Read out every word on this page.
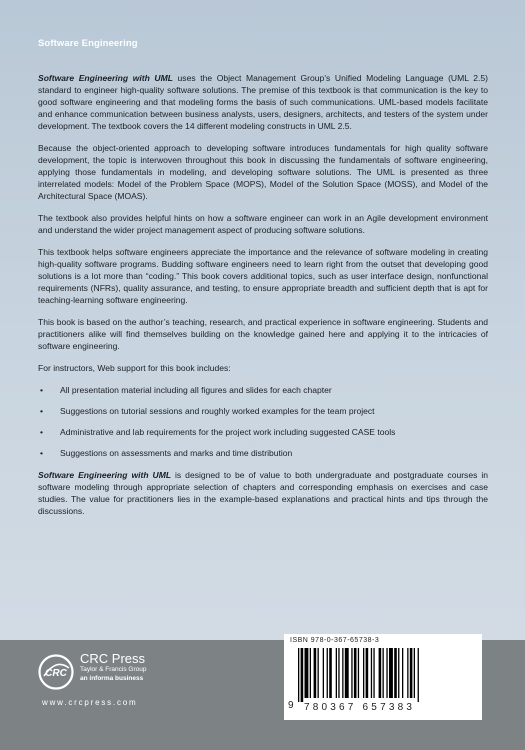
Software Engineering

Software Engineering with UML uses the Object Management Group’s Unified Modeling Language (UML 2.5) standard to engineer high-quality software solutions. The premise of this textbook is that communication is the key to good software engineering and that modeling forms the basis of such communications. UML-based models facilitate and enhance communication between business analysts, users, designers, architects, and testers of the system under development. The textbook covers the 14 different modeling constructs in UML 2.5.

Because the object-oriented approach to developing software introduces fundamentals for high quality software development, the topic is interwoven throughout this book in discussing the fundamentals of software engineering, applying those fundamentals in modeling, and developing software solutions. The UML is presented as three interrelated models: Model of the Problem Space (MOPS), Model of the Solution Space (MOSS), and Model of the Architectural Space (MOAS).

The textbook also provides helpful hints on how a software engineer can work in an Agile development environment and understand the wider project management aspect of producing software solutions.

This textbook helps software engineers appreciate the importance and the relevance of software modeling in creating high-quality software programs. Budding software engineers need to learn right from the outset that developing good solutions is a lot more than “coding.” This book covers additional topics, such as user interface design, nonfunctional requirements (NFRs), quality assurance, and testing, to ensure appropriate breadth and sufficient depth that is apt for teaching-learning software engineering.

This book is based on the author’s teaching, research, and practical experience in software engineering. Students and practitioners alike will find themselves building on the knowledge gained here and applying it to the intricacies of software engineering.

For instructors, Web support for this book includes:

• All presentation material including all figures and slides for each chapter
• Suggestions on tutorial sessions and roughly worked examples for the team project
• Administrative and lab requirements for the project work including suggested CASE tools
• Suggestions on assessments and marks and time distribution

Software Engineering with UML is designed to be of value to both undergraduate and postgraduate courses in software modeling through appropriate selection of chapters and corresponding emphasis on exercises and case studies. The value for practitioners lies in the example-based explanations and practical hints and tips through the discussions.

CRC
CRC Press
Taylor & Francis Group
an informa business
www.crcpress.com
ISBN 978-0-367-65738-3
9 780367 657383
